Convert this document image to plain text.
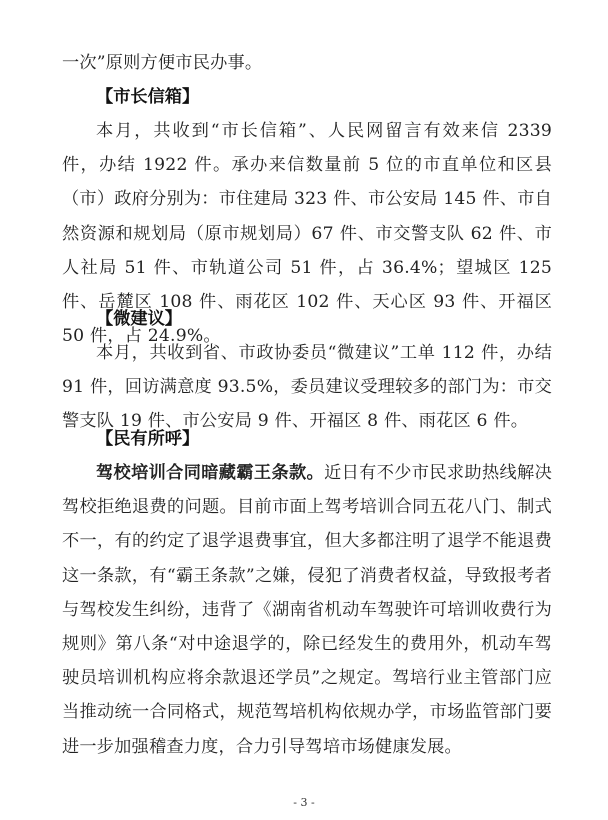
一次”原则方便市民办事。

【市长信箱】

本月，共收到“市长信箱”、人民网留言有效来信 2339 件，办结 1922 件。承办来信数量前 5 位的市直单位和区县（市）政府分别为：市住建局 323 件、市公安局 145 件、市自然资源和规划局（原市规划局）67 件、市交警支队 62 件、市人社局 51 件、市轨道公司 51 件，占 36.4%；望城区 125 件、岳麓区 108 件、雨花区 102 件、天心区 93 件、开福区 50 件，占 24.9%。

【微建议】

本月，共收到省、市政协委员“微建议”工单 112 件，办结 91 件，回访满意度 93.5%，委员建议受理较多的部门为：市交警支队 19 件、市公安局 9 件、开福区 8 件、雨花区 6 件。

【民有所呼】

驾校培训合同暗藏霸王条款。近日有不少市民求助热线解决驾校拒绝退费的问题。目前市面上驾考培训合同五花八门、制式不一，有的约定了退学退费事宜，但大多都注明了退学不能退费这一条款，有“霸王条款”之嫌，侵犯了消费者权益，导致报考者与驾校发生纠纷，违背了《湖南省机动车驾驶许可培训收费行为规则》第八条“对中途退学的，除已经发生的费用外，机动车驾驶员培训机构应将余款退还学员”之规定。驾培行业主管部门应当推动统一合同格式，规范驾培机构依规办学，市场监管部门要进一步加强稽查力度，合力引导驾培市场健康发展。

- 3 -
